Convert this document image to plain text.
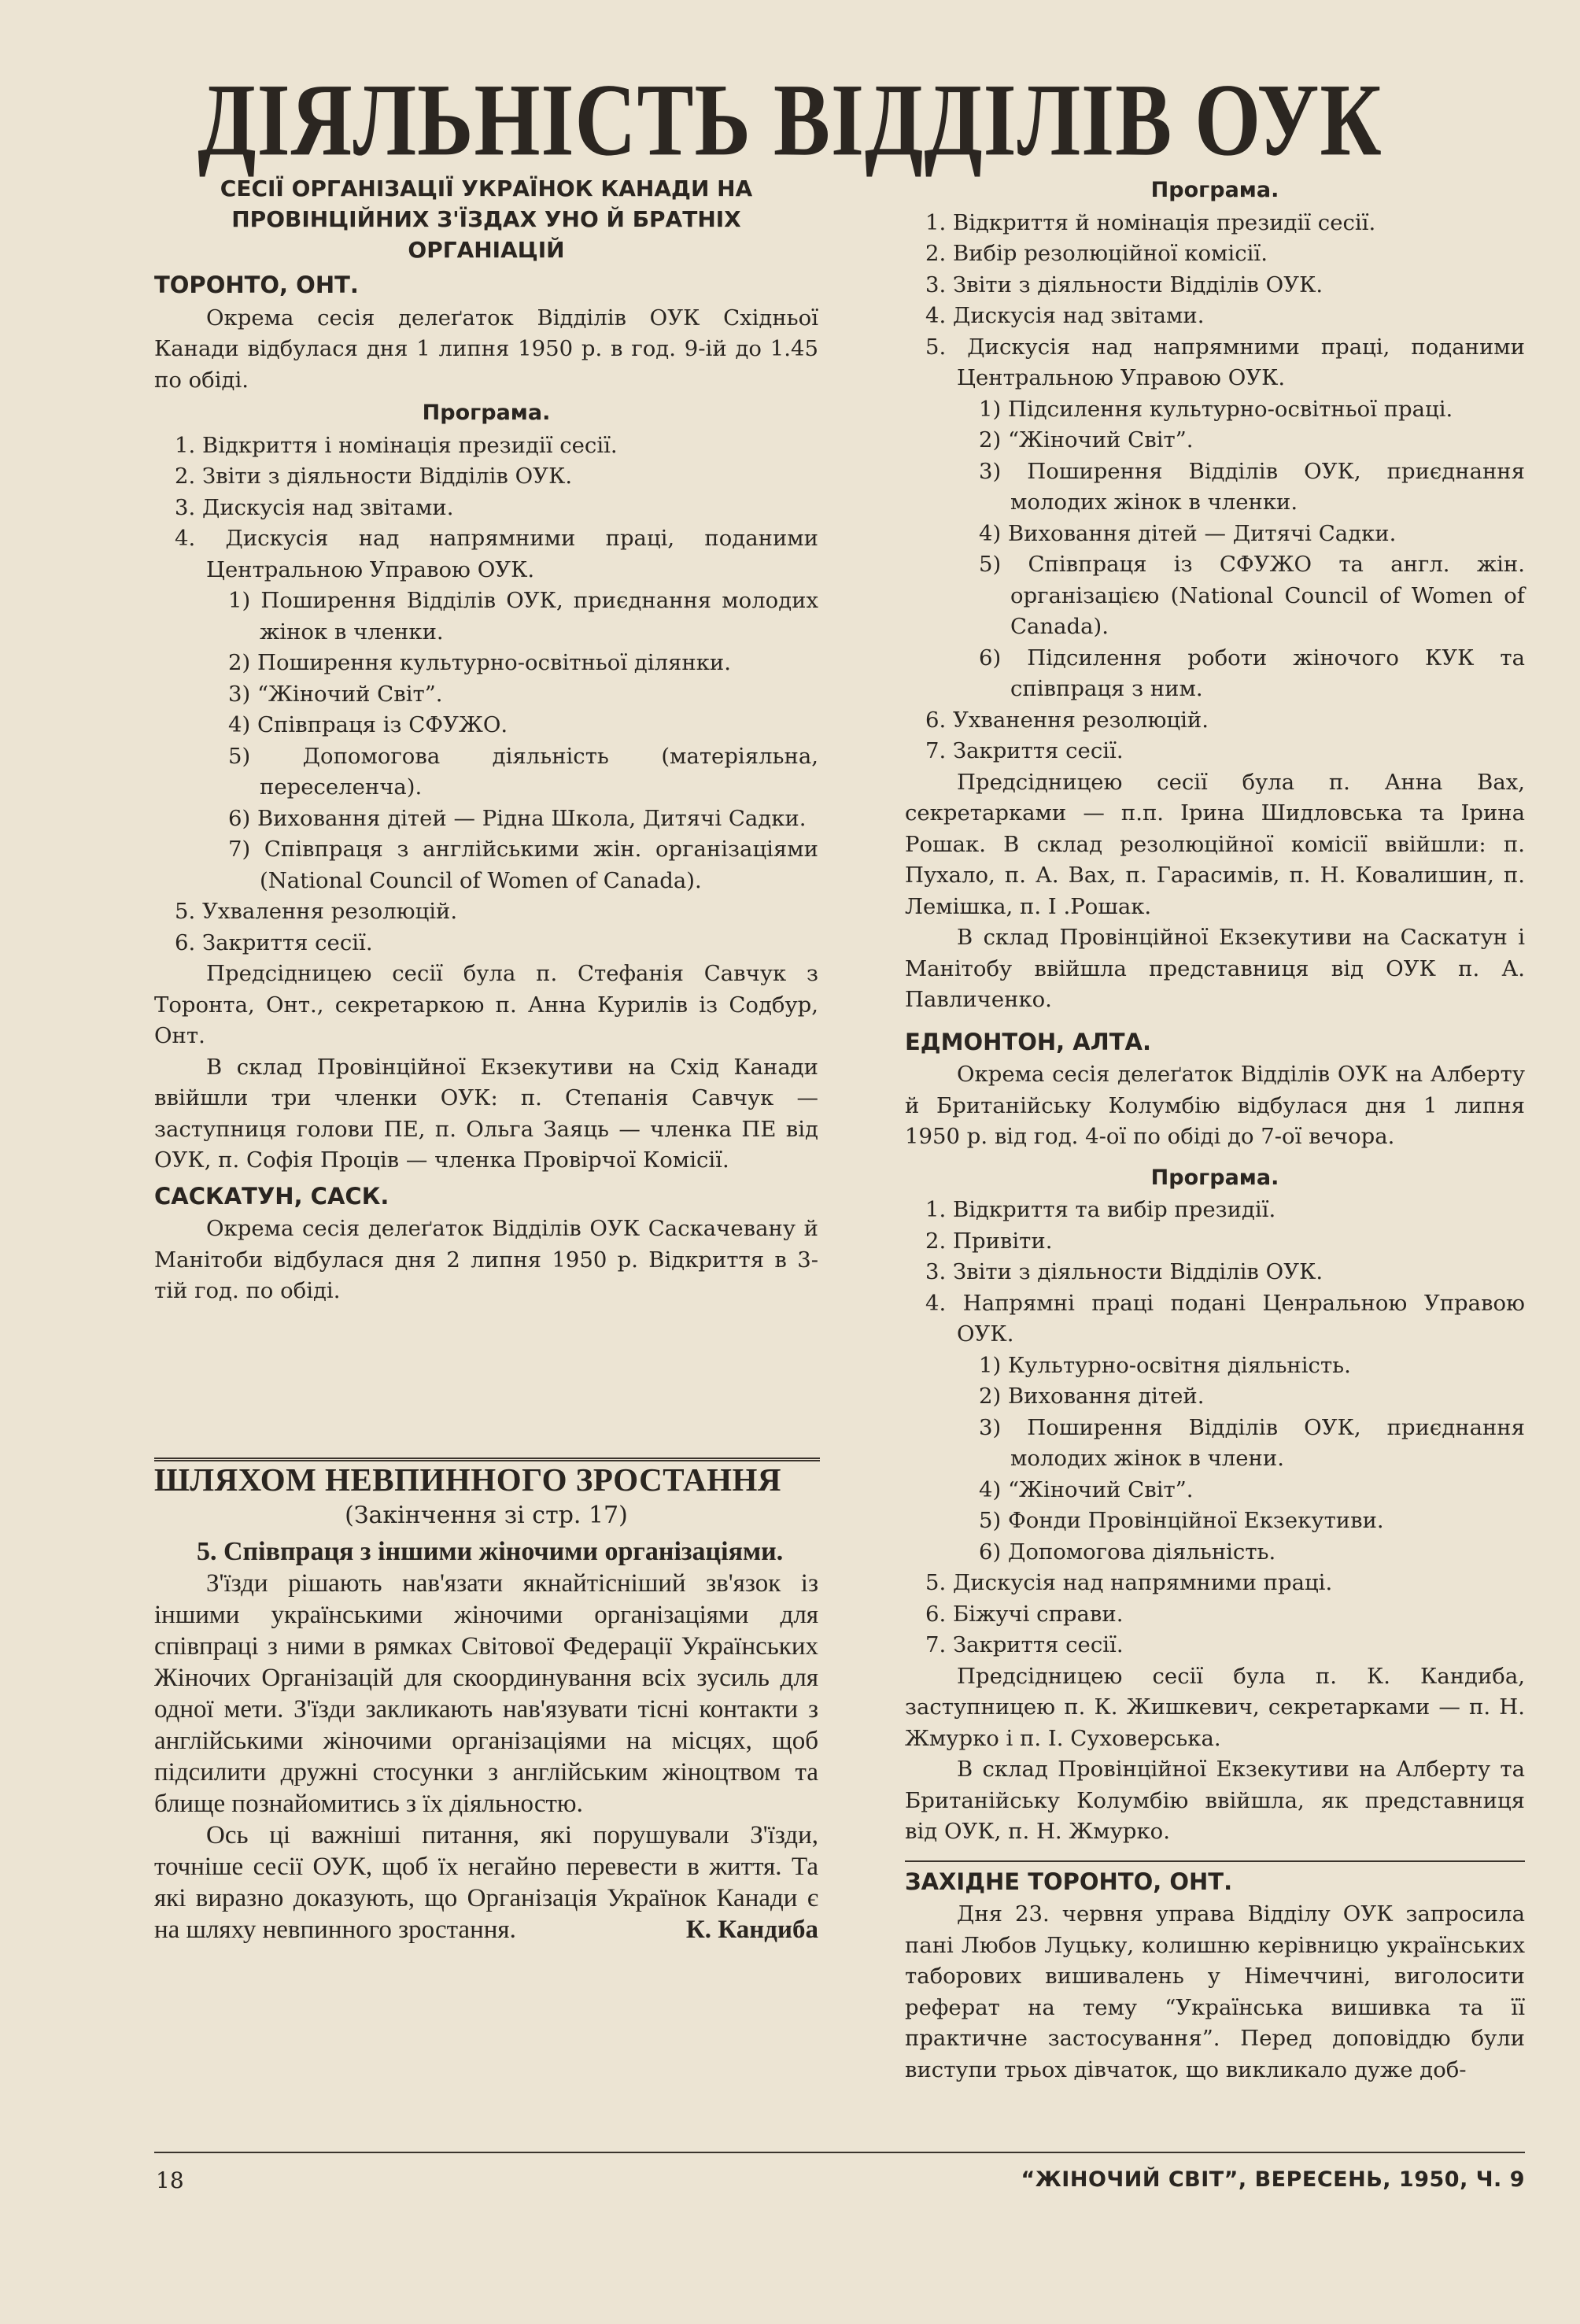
ДІЯЛЬНІСТЬ ВІДДІЛІВ ОУК

СЕСІЇ ОРГАНІЗАЦІЇ УКРАЇНОК КАНАДИ НА

ПРОВІНЦІЙНИХ З'ЇЗДАХ УНО Й БРАТНІХ

ОРГАНІАЦІЙ

ТОРОНТО, ОНТ.

Окрема сесія делеґаток Відділів ОУК Східньої Канади відбулася дня 1 липня 1950 р. в год. 9-ій до 1.45 по обіді.

Програма.
1. Відкриття і номінація президії сесії.
2. Звіти з діяльности Відділів ОУК.
3. Дискусія над звітами.
4. Дискусія над напрямними праці, поданими Центральною Управою ОУК.
1) Поширення Відділів ОУК, приєднання молодих жінок в членки.
2) Поширення культурно-освітньої ділянки.
3) “Жіночий Світ”.
4) Співпраця із СФУЖО.
5) Допомогова діяльність (матеріяльна, переселенча).
6) Виховання дітей — Рідна Школа, Дитячі Садки.
7) Співпраця з англійськими жін. організаціями (National Council of Women of Canada).
5. Ухвалення резолюцій.
6. Закриття сесії.

Предсідницею сесії була п. Стефанія Савчук з Торонта, Онт., секретаркою п. Анна Курилів із Содбур, Онт.

В склад Провінційної Екзекутиви на Схід Канади ввійшли три членки ОУК: п. Степанія Савчук — заступниця голови ПЕ, п. Ольга Заяць — членка ПЕ від ОУК, п. Софія Проців — членка Провірчої Комісії.

САСКАТУН, САСК.

Окрема сесія делеґаток Відділів ОУК Саскачевану й Манітоби відбулася дня 2 липня 1950 р. Відкриття в 3-тій год. по обіді.

ШЛЯХОМ НЕВПИННОГО ЗРОСТАННЯ

(Закінчення зі стр. 17)

5. Співпраця з іншими жіночими організаціями.

З'їзди рішають нав'язати якнайтісніший зв'язок із іншими українськими жіночими організаціями для співпраці з ними в рямках Світової Федерації Українських Жіночих Організацій для скоординування всіх зусиль для одної мети. З'їзди закликають нав'язувати тісні контакти з англійськими жіночими організаціями на місцях, щоб підсилити дружні стосунки з англійським жіноцтвом та блище познайомитись з їх діяльностю.

Ось ці важніші питання, які порушували З'їзди, точніше сесії ОУК, щоб їх негайно перевести в життя. Та які виразно доказують, що Організація Українок Канади є на шляху невпинного зростання.	К. Кандиба

Програма.
1. Відкриття й номінація президії сесії.
2. Вибір резолюційної комісії.
3. Звіти з діяльности Відділів ОУК.
4. Дискусія над звітами.
5. Дискусія над напрямними праці, поданими Центральною Управою ОУК.
1) Підсилення культурно-освітньої праці.
2) “Жіночий Світ”.
3) Поширення Відділів ОУК, приєднання молодих жінок в членки.
4) Виховання дітей — Дитячі Садки.
5) Співпраця із СФУЖО та англ. жін. організацією (National Council of Women of Canada).
6) Підсилення роботи жіночого КУК та співпраця з ним.
6. Ухванення резолюцій.
7. Закриття сесії.

Предсідницею сесії була п. Анна Вах, секретарками — п.п. Ірина Шидловська та Ірина Рошак. В склад резолюційної комісії ввійшли: п. Пухало, п. А. Вах, п. Гарасимів, п. Н. Ковалишин, п. Лемішка, п. І .Рошак.

В склад Провінційної Екзекутиви на Саскатун і Манітобу ввійшла представниця від ОУК п. А. Павличенко.

ЕДМОНТОН, АЛТА.

Окрема сесія делеґаток Відділів ОУК на Алберту й Британійську Колумбію відбулася дня 1 липня 1950 р. від год. 4-ої по обіді до 7-ої вечора.

Програма.
1. Відкриття та вибір президії.
2. Привіти.
3. Звіти з діяльности Відділів ОУК.
4. Напрямні праці подані Ценральною Управою ОУК.
1) Культурно-освітня діяльність.
2) Виховання дітей.
3) Поширення Відділів ОУК, приєднання молодих жінок в члени.
4) “Жіночий Світ”.
5) Фонди Провінційної Екзекутиви.
6) Допомогова діяльність.
5. Дискусія над напрямними праці.
6. Біжучі справи.
7. Закриття сесії.

Предсідницею сесії була п. К. Кандиба, заступницею п. К. Жишкевич, секретарками — п. Н. Жмурко і п. І. Суховерська.

В склад Провінційної Екзекутиви на Алберту та Британійську Колумбію ввійшла, як представниця від ОУК, п. Н. Жмурко.

ЗАХІДНЕ ТОРОНТО, ОНТ.

Дня 23. червня управа Відділу ОУК запросила пані Любов Луцьку, колишню керівницю українських таборових вишивалень у Німеччині, виголосити реферат на тему “Українська вишивка та її практичне застосування”. Перед доповіддю були виступи трьох дівчаток, що викликало дуже доб-

18	“ЖІНОЧИЙ СВІТ”, ВЕРЕСЕНЬ, 1950, Ч. 9
